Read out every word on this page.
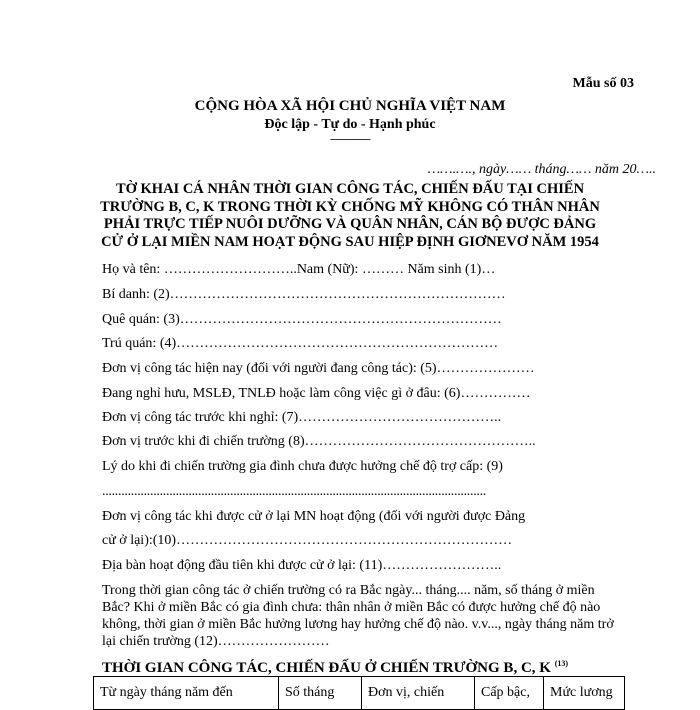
Mẫu số 03
CỘNG HÒA XÃ HỘI CHỦ NGHĨA VIỆT NAM
Độc lập - Tự do - Hạnh phúc
---------------
…….…., ngày…… tháng…… năm 20…..
TỜ KHAI CÁ NHÂN THỜI GIAN CÔNG TÁC, CHIẾN ĐẤU TẠI CHIẾN
TRƯỜNG B, C, K TRONG THỜI KỲ CHỐNG MỸ KHÔNG CÓ THÂN NHÂN
PHẢI TRỰC TIẾP NUÔI DƯỠNG VÀ QUÂN NHÂN, CÁN BỘ ĐƯỢC ĐẢNG
CỬ Ở LẠI MIỀN NAM HOẠT ĐỘNG SAU HIỆP ĐỊNH GIƠNEVƠ NĂM 1954
Họ và tên: ………………………..Nam (Nữ): ……… Năm sinh (1)…
Bí danh: (2)………………………………………………………………
Quê quán: (3)……………………………………………………………
Trú quán: (4)……………………………………………………………
Đơn vị công tác hiện nay (đối với người đang công tác): (5)…………………
Đang nghỉ hưu, MSLĐ, TNLĐ hoặc làm công việc gì ở đâu: (6)……………
Đơn vị công tác trước khi nghỉ: (7)……………………………………..
Đơn vị trước khi đi chiến trường (8)…………………………………………..
Lý do khi đi chiến trường gia đình chưa được hưởng chế độ trợ cấp: (9)
........................................................................................................................
Đơn vị công tác khi được cử ở lại MN hoạt động (đối với người được Đảng
cử ở lại):(10)………………………………………………………………
Địa bàn hoạt động đầu tiên khi được cử ở lại: (11)……………………..
Trong thời gian công tác ở chiến trường có ra Bắc ngày... tháng.... năm, số tháng ở miền Bắc? Khi ở miền Bắc có gia đình chưa: thân nhân ở miền Bắc có được hưởng chế độ nào không, thời gian ở miền Bắc hưởng lương hay hưởng chế độ nào. v.v..., ngày tháng năm trở lại chiến trường (12)……………………
THỜI GIAN CÔNG TÁC, CHIẾN ĐẤU Ở CHIẾN TRƯỜNG B, C, K $^{(13)}$
Từ ngày tháng năm đến	Số tháng	Đơn vị, chiến	Cấp bậc,	Mức lương
